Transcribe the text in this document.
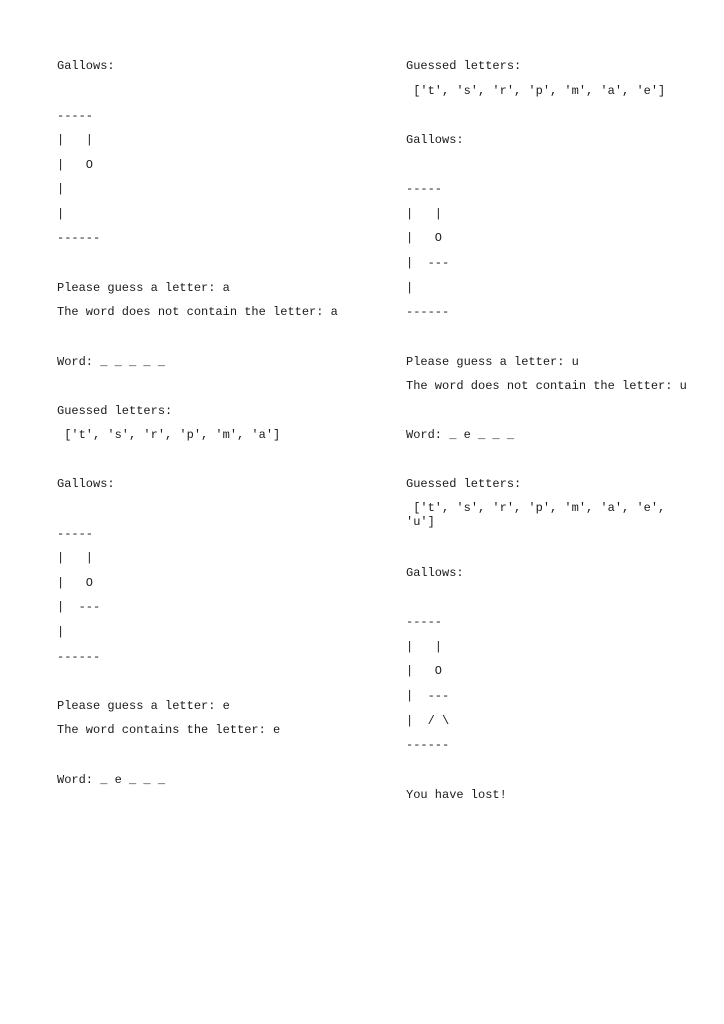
Gallows:
-----
|   |
|   O
|
|
------
Please guess a letter: a
The word does not contain the letter: a
Word: _ _ _ _ _
Guessed letters:
['t', 's', 'r', 'p', 'm', 'a']
Gallows:
-----
|   |
|   O
|  ---
|
------
Please guess a letter: e
The word contains the letter: e
Word: _ e _ _ _
Guessed letters:
['t', 's', 'r', 'p', 'm', 'a', 'e']
Gallows:
-----
|   |
|   O
|  ---
|
------
Please guess a letter: u
The word does not contain the letter: u
Word: _ e _ _ _
Guessed letters:
['t', 's', 'r', 'p', 'm', 'a', 'e', 'u']
Gallows:
-----
|   |
|   O
|  ---
|  / \
------
You have lost!
